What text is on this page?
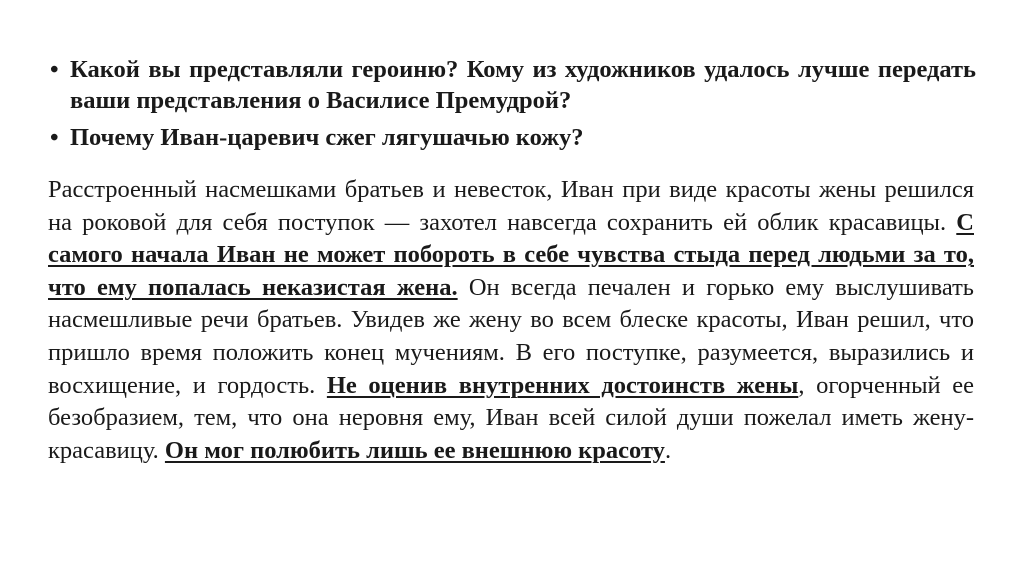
• Какой вы представляли героиню? Кому из художников удалось лучше передать ваши представления о Василисе Премудрой?
• Почему Иван-царевич сжег лягушачью кожу?

Расстроенный насмешками братьев и невесток, Иван при виде красоты жены решился на роковой для себя поступок — захотел навсегда сохранить ей облик красавицы. С самого начала Иван не может побороть в себе чувства стыда перед людьми за то, что ему попалась неказистая жена. Он всегда печален и горько ему выслушивать насмешливые речи братьев. Увидев же жену во всем блеске красоты, Иван решил, что пришло время положить конец мучениям. В его поступке, разумеется, выразились и восхищение, и гордость. Не оценив внутренних достоинств жены, огорченный ее безобразием, тем, что она неровня ему, Иван всей силой души пожелал иметь жену-красавицу. Он мог полюбить лишь ее внешнюю красоту.
